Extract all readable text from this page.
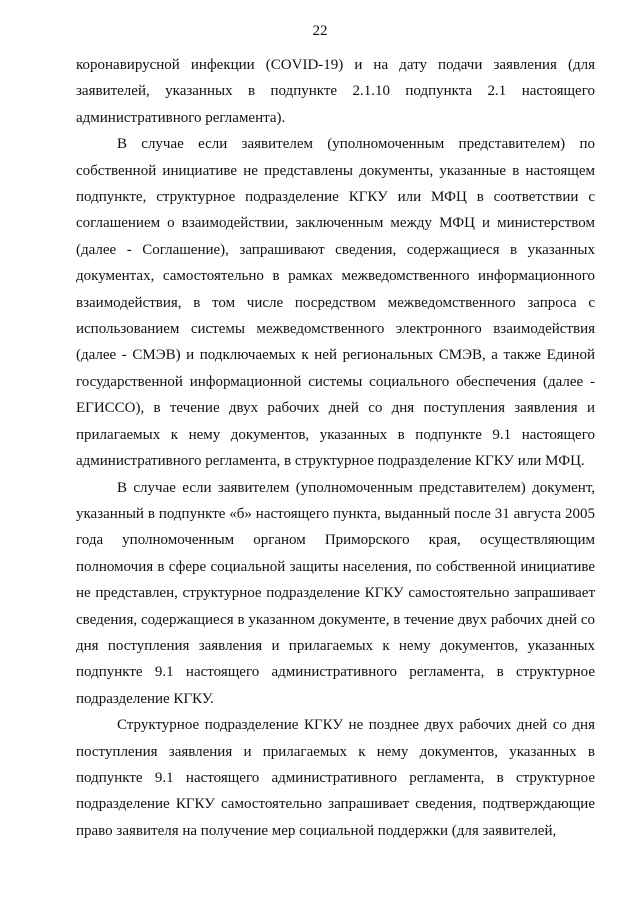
22

коронавирусной инфекции (COVID-19) и на дату подачи заявления (для заявителей, указанных в подпункте 2.1.10 подпункта 2.1 настоящего административного регламента).

В случае если заявителем (уполномоченным представителем) по собственной инициативе не представлены документы, указанные в настоящем подпункте, структурное подразделение КГКУ или МФЦ в соответствии с соглашением о взаимодействии, заключенным между МФЦ и министерством (далее - Соглашение), запрашивают сведения, содержащиеся в указанных документах, самостоятельно в рамках межведомственного информационного взаимодействия, в том числе посредством межведомственного запроса с использованием системы межведомственного электронного взаимодействия (далее - СМЭВ) и подключаемых к ней региональных СМЭВ, а также Единой государственной информационной системы социального обеспечения (далее - ЕГИССО), в течение двух рабочих дней со дня поступления заявления и прилагаемых к нему документов, указанных в подпункте 9.1 настоящего административного регламента, в структурное подразделение КГКУ или МФЦ.

В случае если заявителем (уполномоченным представителем) документ, указанный в подпункте «б» настоящего пункта, выданный после 31 августа 2005 года уполномоченным органом Приморского края, осуществляющим полномочия в сфере социальной защиты населения, по собственной инициативе не представлен, структурное подразделение КГКУ самостоятельно запрашивает сведения, содержащиеся в указанном документе, в течение двух рабочих дней со дня поступления заявления и прилагаемых к нему документов, указанных подпункте 9.1 настоящего административного регламента, в структурное подразделение КГКУ.

Структурное подразделение КГКУ не позднее двух рабочих дней со дня поступления заявления и прилагаемых к нему документов, указанных в подпункте 9.1 настоящего административного регламента, в структурное подразделение КГКУ самостоятельно запрашивает сведения, подтверждающие право заявителя на получение мер социальной поддержки (для заявителей,
